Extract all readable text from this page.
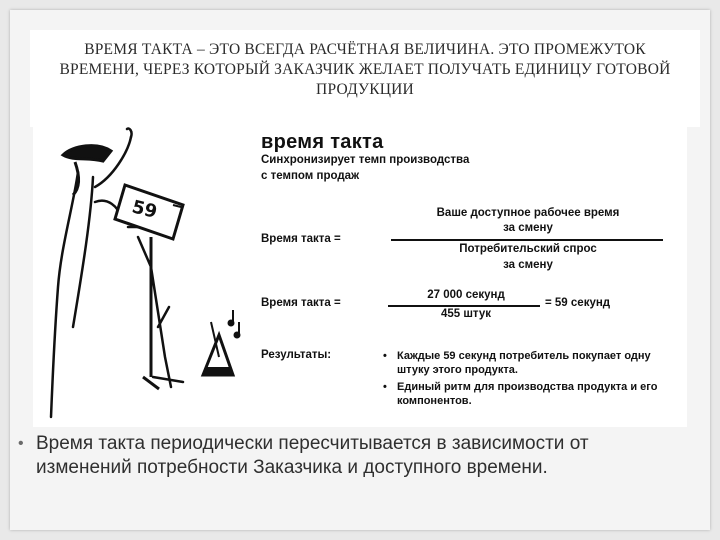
ВРЕМЯ ТАКТА – ЭТО ВСЕГДА РАСЧЁТНАЯ ВЕЛИЧИНА. ЭТО ПРОМЕЖУТОК ВРЕМЕНИ, ЧЕРЕЗ КОТОРЫЙ ЗАКАЗЧИК ЖЕЛАЕТ ПОЛУЧАТЬ ЕДИНИЦУ ГОТОВОЙ ПРОДУКЦИИ
59
время такта
Синхронизирует темп производства
с темпом продаж
Время такта =
Ваше доступное рабочее время
за смену
Потребительский спрос
за смену
Время такта =
27 000 секунд
455 штук
= 59 секунд
Результаты:
•	Каждые 59 секунд потребитель покупает одну штуку этого продукта.
• Единый ритм для производства продукта и его компонентов.
• Время такта периодически пересчитывается в зависимости от изменений потребности Заказчика и доступного времени.
